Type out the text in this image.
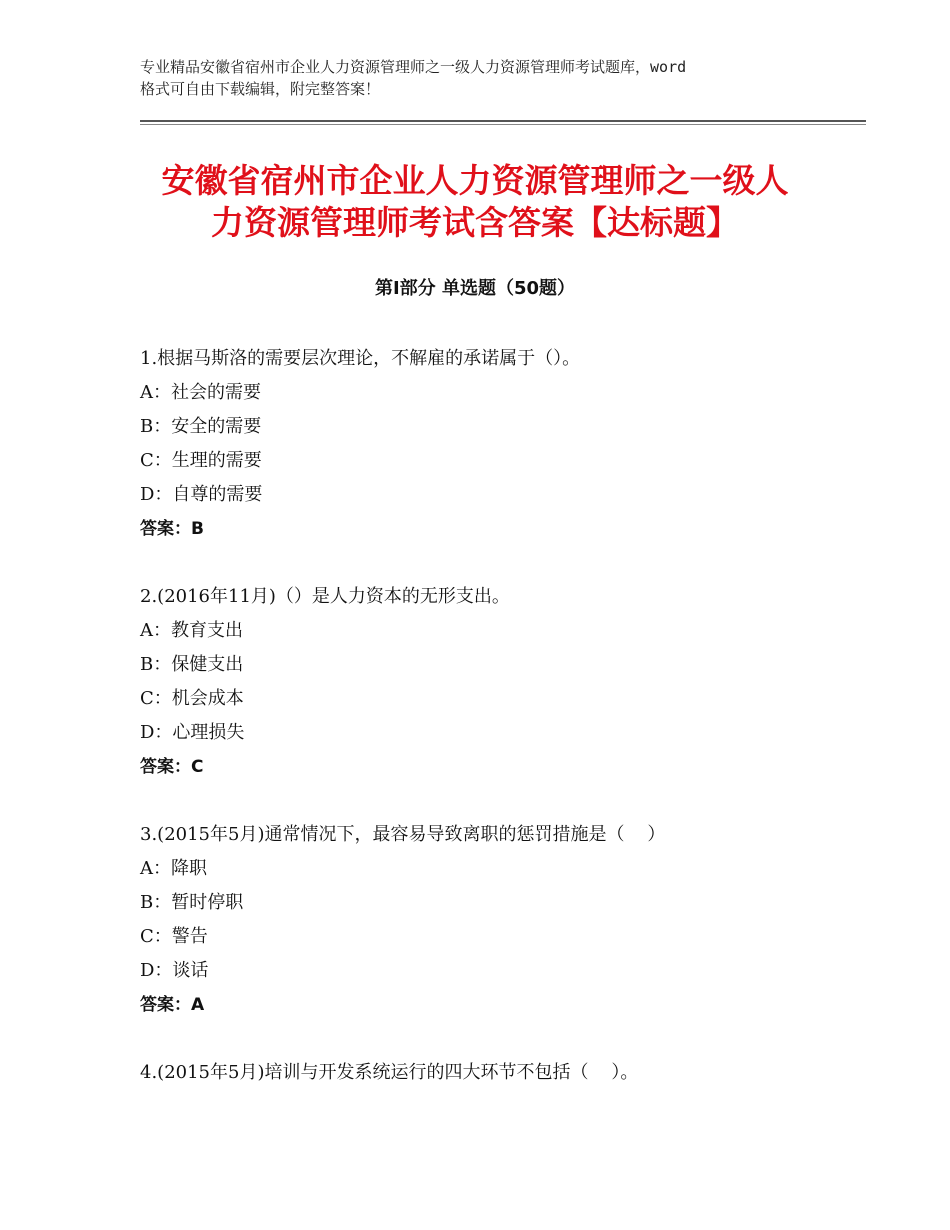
专业精品安徽省宿州市企业人力资源管理师之一级人力资源管理师考试题库，word
格式可自由下载编辑，附完整答案！
安徽省宿州市企业人力资源管理师之一级人
力资源管理师考试含答案【达标题】
第Ⅰ部分 单选题（50题）
1.根据马斯洛的需要层次理论，不解雇的承诺属于（）。
A：社会的需要
B：安全的需要
C：生理的需要
D：自尊的需要
答案：B
2.(2016年11月)（）是人力资本的无形支出。
A：教育支出
B：保健支出
C：机会成本
D：心理损失
答案：C
3.(2015年5月)通常情况下，最容易导致离职的惩罚措施是（    ）
A：降职
B：暂时停职
C：警告
D：谈话
答案：A
4.(2015年5月)培训与开发系统运行的四大环节不包括（    ）。
